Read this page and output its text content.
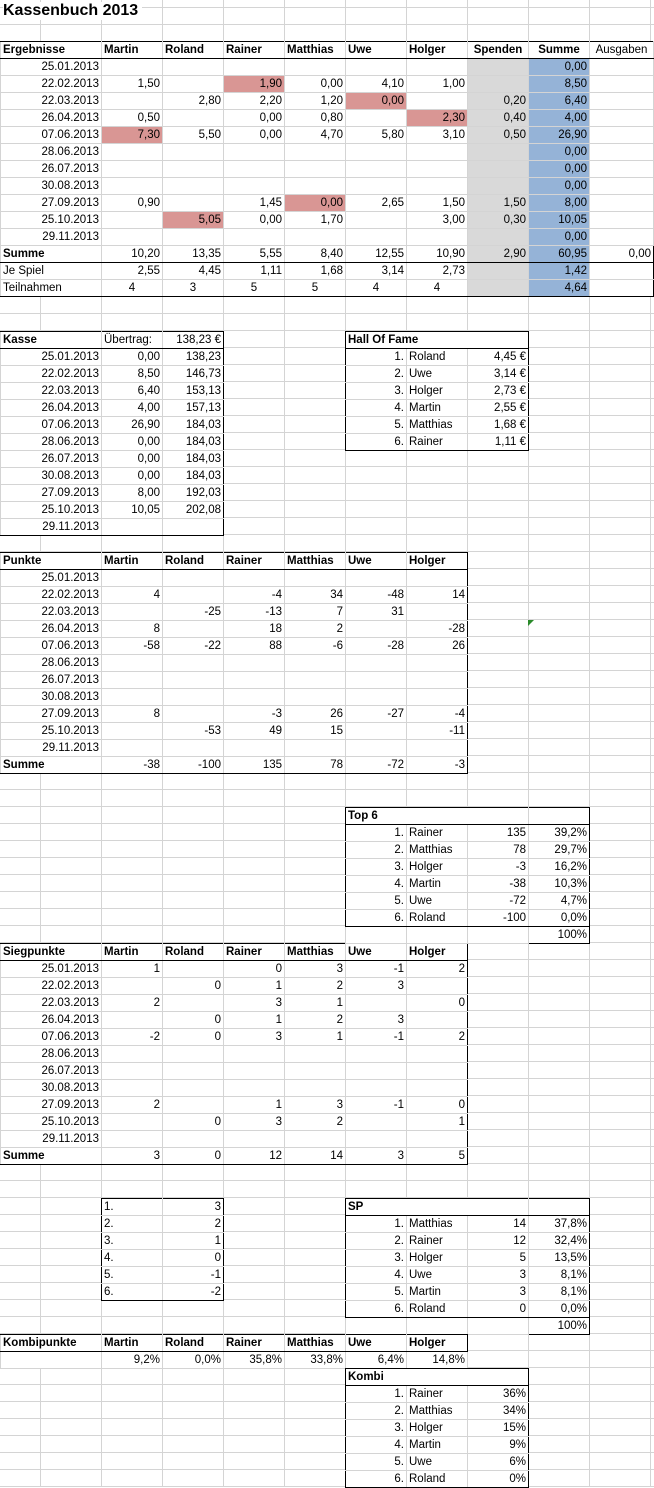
Kassenbuch 2013
Ergebnisse	Martin	Roland	Rainer	Matthias	Uwe	Holger	Spenden	Summe	Ausgaben
25.01.2013								0,00	
22.02.2013	1,50		1,90	0,00	4,10	1,00		8,50	
22.03.2013		2,80	2,20	1,20	0,00		0,20	6,40	
26.04.2013	0,50		0,00	0,80		2,30	0,40	4,00	
07.06.2013	7,30	5,50	0,00	4,70	5,80	3,10	0,50	26,90	
28.06.2013								0,00	
26.07.2013								0,00	
30.08.2013								0,00	
27.09.2013	0,90		1,45	0,00	2,65	1,50	1,50	8,00	
25.10.2013		5,05	0,00	1,70		3,00	0,30	10,05	
29.11.2013								0,00	
Summe	10,20	13,35	5,55	8,40	12,55	10,90	2,90	60,95	0,00
Je Spiel	2,55	4,45	1,11	1,68	3,14	2,73		1,42	
Teilnahmen	4	3	5	5	4	4		4,64	
Kasse	Übertrag:	138,23 €
25.01.2013	0,00	138,23
22.02.2013	8,50	146,73
22.03.2013	6,40	153,13
26.04.2013	4,00	157,13
07.06.2013	26,90	184,03
28.06.2013	0,00	184,03
26.07.2013	0,00	184,03
30.08.2013	0,00	184,03
27.09.2013	8,00	192,03
25.10.2013	10,05	202,08
29.11.2013		
Hall Of Fame		
1.	Roland	4,45 €
2.	Uwe	3,14 €
3.	Holger	2,73 €
4.	Martin	2,55 €
5.	Matthias	1,68 €
6.	Rainer	1,11 €
Punkte	Martin	Roland	Rainer	Matthias	Uwe	Holger
25.01.2013						
22.02.2013	4		-4	34	-48	14
22.03.2013		-25	-13	7	31	
26.04.2013	8		18	2		-28
07.06.2013	-58	-22	88	-6	-28	26
28.06.2013						
26.07.2013						
30.08.2013						
27.09.2013	8		-3	26	-27	-4
25.10.2013		-53	49	15		-11
29.11.2013						
Summe	-38	-100	135	78	-72	-3
Siegpunkte	Martin	Roland	Rainer	Matthias	Uwe	Holger
25.01.2013	1		0	3	-1	2
22.02.2013		0	1	2	3	
22.03.2013	2		3	1		0
26.04.2013		0	1	2	3	
07.06.2013	-2	0	3	1	-1	2
28.06.2013						
26.07.2013						
30.08.2013						
27.09.2013	2		1	3	-1	0
25.10.2013		0	3	2		1
29.11.2013						
Summe	3	0	12	14	3	5
Top 6			
1.	Rainer	135	39,2%
2.	Matthias	78	29,7%
3.	Holger	-3	16,2%
4.	Martin	-38	10,3%
5.	Uwe	-72	4,7%
6.	Roland	-100	0,0%
			100%
SP			
1.	Matthias	14	37,8%
2.	Rainer	12	32,4%
3.	Holger	5	13,5%
4.	Uwe	3	8,1%
5.	Martin	3	8,1%
6.	Roland	0	0,0%
			100%
1.	3
2.	2
3.	1
4.	0
5.	-1
6.	-2
Kombipunkte	Martin	Roland	Rainer	Matthias	Uwe	Holger
	9,2%	0,0%	35,8%	33,8%	6,4%	14,8%
Kombi		
1.	Rainer	36%
2.	Matthias	34%
3.	Holger	15%
4.	Martin	9%
5.	Uwe	6%
6.	Roland	0%
